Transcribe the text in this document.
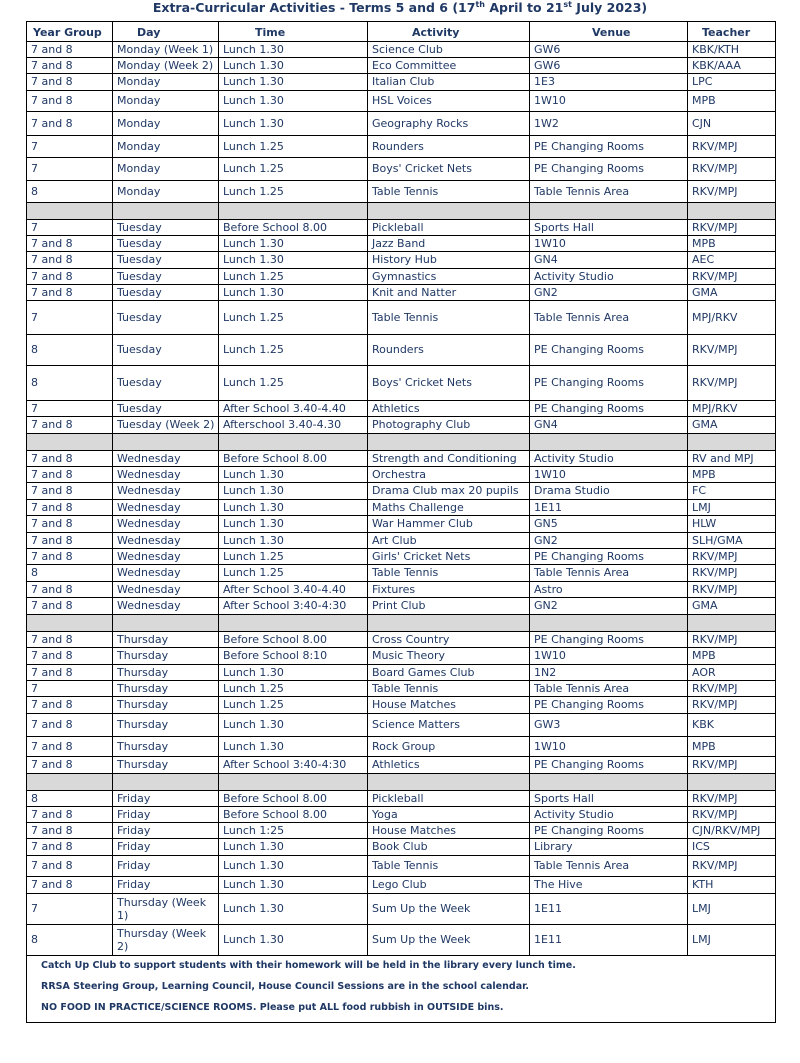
Extra-Curricular Activities - Terms 5 and 6 (17th April to 21st July 2023)
Year Group	Day	Time	Activity	Venue	Teacher
7 and 8	Monday (Week 1)	Lunch 1.30	Science Club	GW6	KBK/KTH
7 and 8	Monday (Week 2)	Lunch 1.30	Eco Committee	GW6	KBK/AAA
7 and 8	Monday	Lunch 1.30	Italian Club	1E3	LPC
7 and 8	Monday	Lunch 1.30	HSL Voices	1W10	MPB
7 and 8	Monday	Lunch 1.30	Geography Rocks	1W2	CJN
7	Monday	Lunch 1.25	Rounders	PE Changing Rooms	RKV/MPJ
7	Monday	Lunch 1.25	Boys' Cricket Nets	PE Changing Rooms	RKV/MPJ
8	Monday	Lunch 1.25	Table Tennis	Table Tennis Area	RKV/MPJ

7	Tuesday	Before School 8.00	Pickleball	Sports Hall	RKV/MPJ
7 and 8	Tuesday	Lunch 1.30	Jazz Band	1W10	MPB
7 and 8	Tuesday	Lunch 1.30	History Hub	GN4	AEC
7 and 8	Tuesday	Lunch 1.25	Gymnastics	Activity Studio	RKV/MPJ
7 and 8	Tuesday	Lunch 1.30	Knit and Natter	GN2	GMA
7	Tuesday	Lunch 1.25	Table Tennis	Table Tennis Area	MPJ/RKV
8	Tuesday	Lunch 1.25	Rounders	PE Changing Rooms	RKV/MPJ
8	Tuesday	Lunch 1.25	Boys' Cricket Nets	PE Changing Rooms	RKV/MPJ
7	Tuesday	After School 3.40-4.40	Athletics	PE Changing Rooms	MPJ/RKV
7 and 8	Tuesday (Week 2)	Afterschool 3.40-4.30	Photography Club	GN4	GMA

7 and 8	Wednesday	Before School 8.00	Strength and Conditioning	Activity Studio	RV and MPJ
7 and 8	Wednesday	Lunch 1.30	Orchestra	1W10	MPB
7 and 8	Wednesday	Lunch 1.30	Drama Club max 20 pupils	Drama Studio	FC
7 and 8	Wednesday	Lunch 1.30	Maths Challenge	1E11	LMJ
7 and 8	Wednesday	Lunch 1.30	War Hammer Club	GN5	HLW
7 and 8	Wednesday	Lunch 1.30	Art Club	GN2	SLH/GMA
7 and 8	Wednesday	Lunch 1.25	Girls' Cricket Nets	PE Changing Rooms	RKV/MPJ
8	Wednesday	Lunch 1.25	Table Tennis	Table Tennis Area	RKV/MPJ
7 and 8	Wednesday	After School 3.40-4.40	Fixtures	Astro	RKV/MPJ
7 and 8	Wednesday	After School 3:40-4:30	Print Club	GN2	GMA

7 and 8	Thursday	Before School 8.00	Cross Country	PE Changing Rooms	RKV/MPJ
7 and 8	Thursday	Before School 8:10	Music Theory	1W10	MPB
7 and 8	Thursday	Lunch 1.30	Board Games Club	1N2	AOR
7	Thursday	Lunch 1.25	Table Tennis	Table Tennis Area	RKV/MPJ
7 and 8	Thursday	Lunch 1.25	House Matches	PE Changing Rooms	RKV/MPJ
7 and 8	Thursday	Lunch 1.30	Science Matters	GW3	KBK
7 and 8	Thursday	Lunch 1.30	Rock Group	1W10	MPB
7 and 8	Thursday	After School 3:40-4:30	Athletics	PE Changing Rooms	RKV/MPJ

8	Friday	Before School 8.00	Pickleball	Sports Hall	RKV/MPJ
7 and 8	Friday	Before School 8.00	Yoga	Activity Studio	RKV/MPJ
7 and 8	Friday	Lunch 1:25	House Matches	PE Changing Rooms	CJN/RKV/MPJ
7 and 8	Friday	Lunch 1.30	Book Club	Library	ICS
7 and 8	Friday	Lunch 1.30	Table Tennis	Table Tennis Area	RKV/MPJ
7 and 8	Friday	Lunch 1.30	Lego Club	The Hive	KTH
7	Thursday (Week 1)	Lunch 1.30	Sum Up the Week	1E11	LMJ
8	Thursday (Week 2)	Lunch 1.30	Sum Up the Week	1E11	LMJ

Catch Up Club to support students with their homework will be held in the library every lunch time.
RRSA Steering Group, Learning Council, House Council Sessions are in the school calendar.
NO FOOD IN PRACTICE/SCIENCE ROOMS. Please put ALL food rubbish in OUTSIDE bins.					
